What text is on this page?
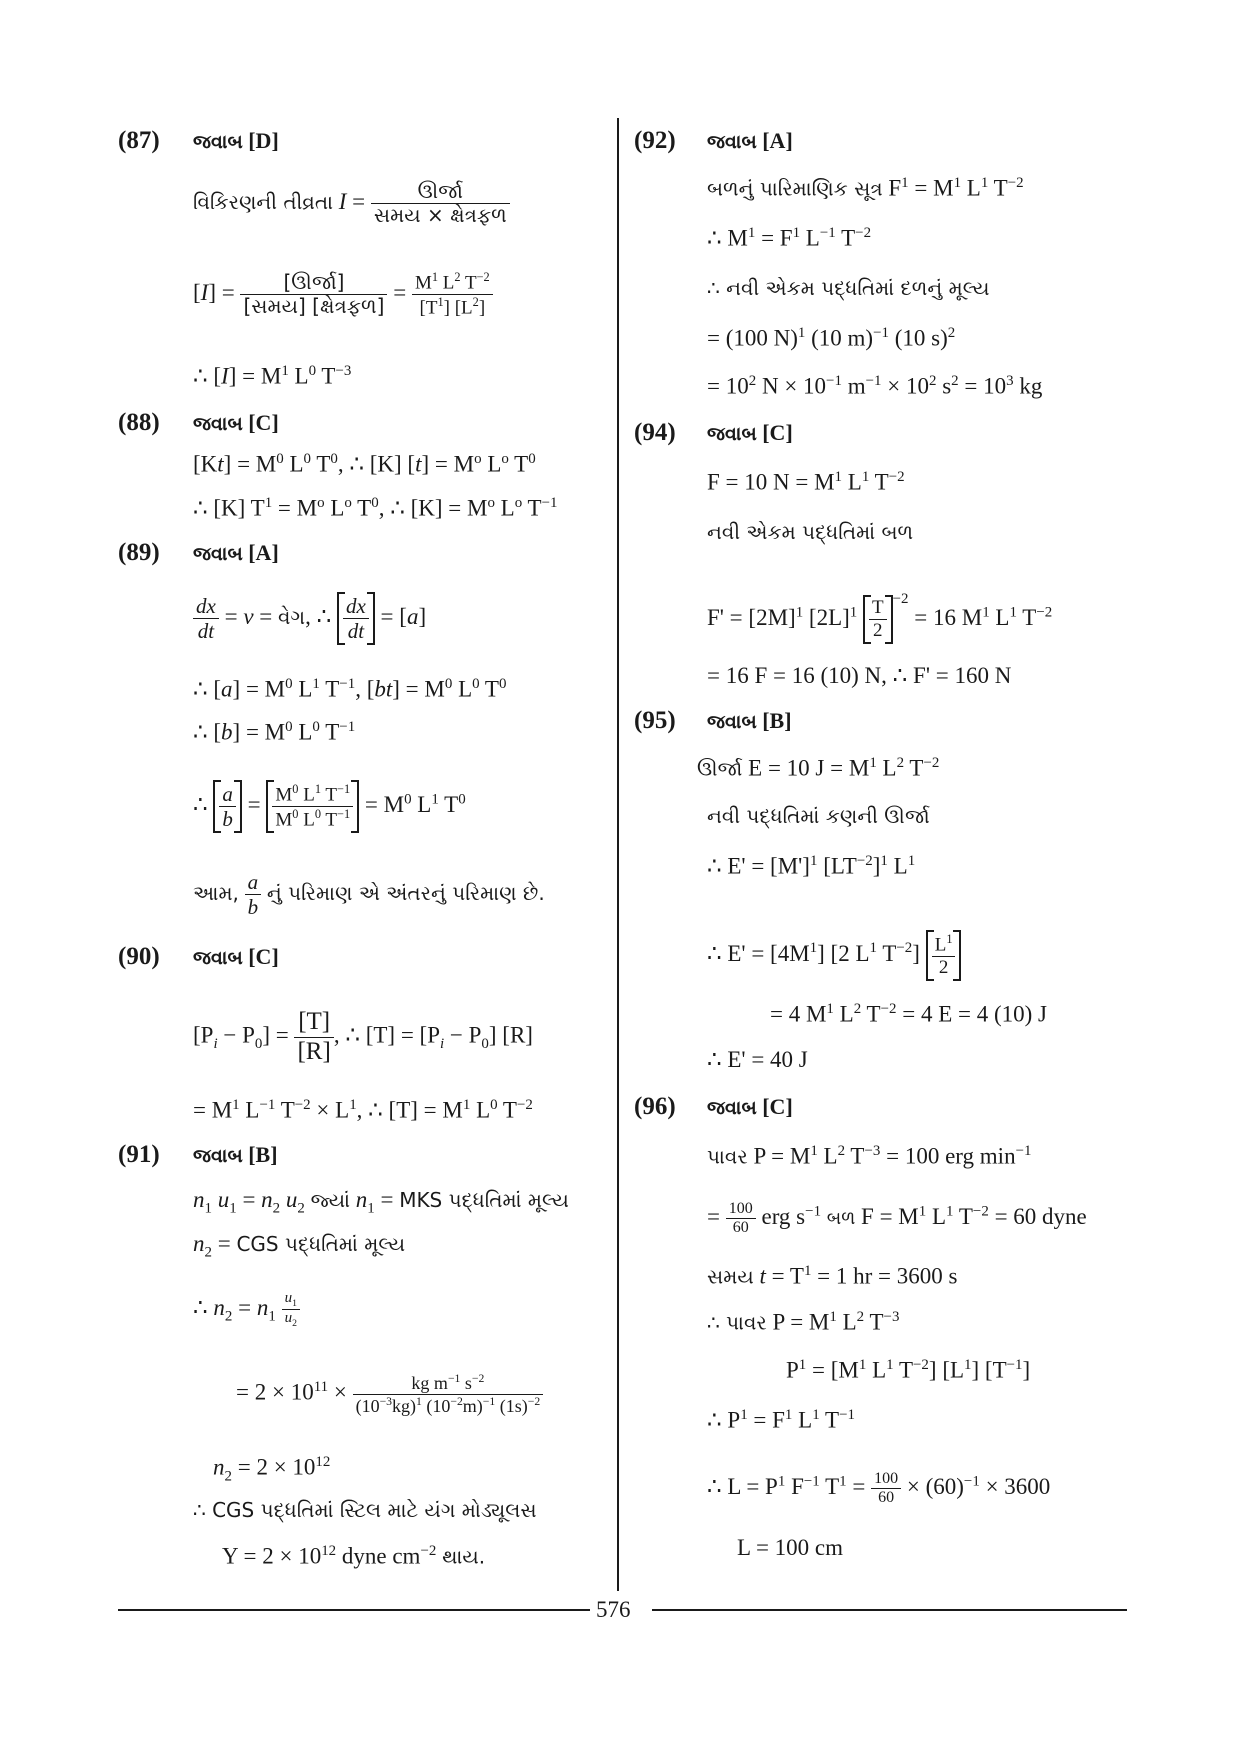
(87) જવાબ [D]
વિકિરણની તીવ્રતા $I = \frac{\text{ઊર્જા}}{\text{સમય × ક્ષેત્રફળ}}$
$[I] = \frac{\text{[ઊર્જા]}}{\text{[સમય] [ક્ષેત્રફળ]}} = \frac{M^1 L^2 T^{-2}}{[T^1] [L^2]}$
∴ $[I] = M^1$ $L^0$ $T^{-3}$
(88) જવાબ [C]
$[Kt] = M^0$ $L^0$ $T^0$, ∴ [K] $[t] = M^o$ $L^o$ $T^0$
∴ [K] $T^1 = M^o$ $L^o$ $T^0$, ∴ $[K] = M^o$ $L^o$ $T^{-1}$
(89) જવાબ [A]
$\frac{dx}{dt} = v$ = વેગ, ∴ $\frac{dx}{dt} = [a]$
∴ $[a] = M^0$ $L^1$ $T^{-1}$, $[bt] = M^0$ $L^0$ $T^0$
∴ $[b] = M^0$ $L^0$ $T^{-1}$
∴ $\frac{a}{b} = \frac{M^0 L^1 T^{-1}}{M^0 L^0 T^{-1}} = M^0$ $L^1$ $T^0$
આમ, $\frac{a}{b}$ નું પરિમાણ એ અંતરનું પરિમાણ છે.
(90) જવાબ [C]
$[P_i - P_0] = \frac{[T]}{[R]}$ , ∴ $[T] = [P_i - P_0]$ [R]
= $M^1$ $L^{-1}$ $T^{-2} \times L^1$, ∴ $[T] = M^1$ $L^0$ $T^{-2}$
(91) જવાબ [B]
$n_1$ $u_1 = n_2$ $u_2$ જ્યાં $n_1$ = MKS પદ્ધતિમાં મૂલ્ય
$n_2$ = CGS પદ્ધતિમાં મૂલ્ય
∴ $n_2 = n_1 \frac{u_1}{u_2}$
= $2 \times 10^{11} \times \frac{kg m^{-1} s^{-2}}{(10^{-3}kg)^1 (10^{-2}m)^{-1} (1s)^{-2}}$
$n_2 = 2 \times 10^{12}$
∴ CGS પદ્ધતિમાં સ્ટિલ માટે યંગ મોડ્યૂલસ
$Y = 2 \times 10^{12}$ dyne $cm^{-2}$ થાય.
(92) જવાબ [A]
બળનું પારિમાણિક સૂત્ર $F^1 = M^1$ $L^1$ $T^{-2}$
∴ $M^1 = F^1$ $L^{-1}$ $T^{-2}$
∴ નવી એકમ પદ્ધતિમાં દળનું મૂલ્ય
= (100 N)$^1$ (10 m)$^{-1}$ (10 s)$^2$
= $10^2$ $N \times 10^{-1}$ $m^{-1} \times 10^2$ $s^2 = 10^3$ kg
(94) જવાબ [C]
F = 10 $N = M^1$ $L^1$ $T^{-2}$
નવી એકમ પદ્ધતિમાં બળ
$F' = [2M]^1$ $[2L]^1 \frac{T}{2} ^{-2} = 16$ $M^1$ $L^1$ $T^{-2}$
= 16 F = 16 (10) N, ∴ F' = 160 N
(95) જવાબ [B]
ઊર્જા E = 10 $J = M^1$ $L^2$ $T^{-2}$
નવી પદ્ધતિમાં કણની ઊર્જા
∴ $E' = [M']^1$ $[LT^{-2}]^1$ $L^1$
∴ $E' = [4M^1]$ [2 $L^1$ $T^{-2}] \frac{L^1}{2}$
= 4 $M^1$ $L^2$ $T^{-2} = 4$ E = 4 (10) J
∴ E' = 40 J
(96) જવાબ [C]
પાવર $P = M^1$ $L^2$ $T^{-3} = 100$ erg $\min^{-1}$
= $\frac{100}{60}$ erg $s^{-1}$ બળ $F = M^1$ $L^1$ $T^{-2} = 60$ dyne
સમય $t = T^1 = 1$ hr = 3600 s
∴ પાવર $P = M^1$ $L^2$ $T^{-3}$
$P^1 = [M^1$ $L^1$ $T^{-2}$] $[L^1]$ $[T^{-1}]$
∴ $P^1 = F^1$ $L^1$ $T^{-1}$
∴ $L = P^1$ $F^{-1}$ $T^1 = \frac{100}{60} \times (60)^{-1} \times 3600$
L = 100 cm
576
